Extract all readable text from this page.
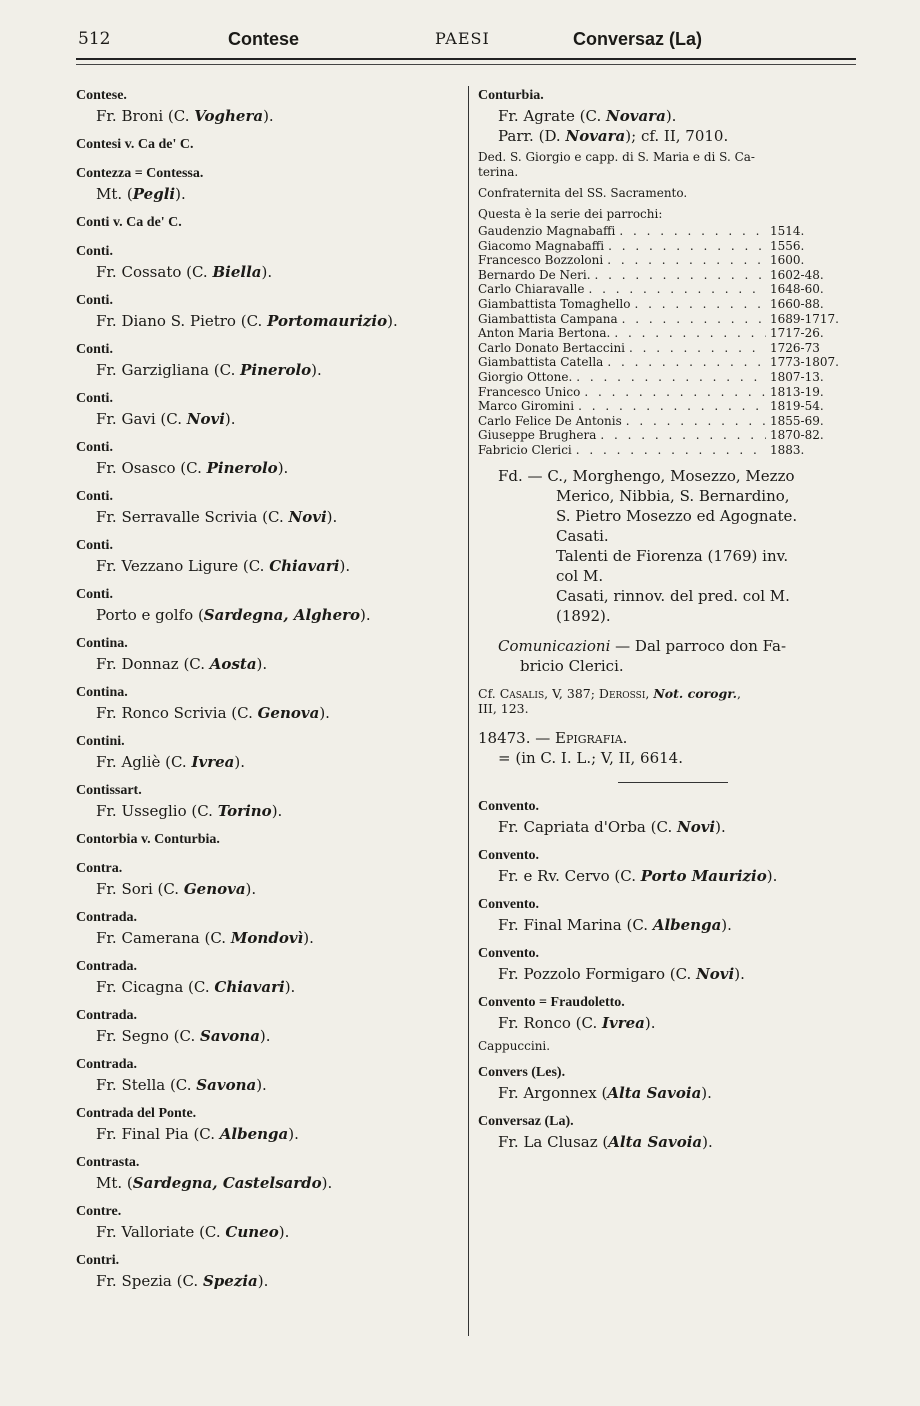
512	Contese	PAESI	Conversaz (La)
Contese.
Fr. Broni (C. Voghera).
Contesi v. Ca de' C.
Contezza = Contessa.
Mt. (Pegli).
Conti v. Ca de' C.
Conti.
Fr. Cossato (C. Biella).
Conti.
Fr. Diano S. Pietro (C. Portomaurizio).
Conti.
Fr. Garzigliana (C. Pinerolo).
Conti.
Fr. Gavi (C. Novi).
Conti.
Fr. Osasco (C. Pinerolo).
Conti.
Fr. Serravalle Scrivia (C. Novi).
Conti.
Fr. Vezzano Ligure (C. Chiavari).
Conti.
Porto e golfo (Sardegna, Alghero).
Contina.
Fr. Donnaz (C. Aosta).
Contina.
Fr. Ronco Scrivia (C. Genova).
Contini.
Fr. Agliè (C. Ivrea).
Contissart.
Fr. Usseglio (C. Torino).
Contorbia v. Conturbia.
Contra.
Fr. Sori (C. Genova).
Contrada.
Fr. Camerana (C. Mondovì).
Contrada.
Fr. Cicagna (C. Chiavari).
Contrada.
Fr. Segno (C. Savona).
Contrada.
Fr. Stella (C. Savona).
Contrada del Ponte.
Fr. Final Pia (C. Albenga).
Contrasta.
Mt. (Sardegna, Castelsardo).
Contre.
Fr. Valloriate (C. Cuneo).
Contri.
Fr. Spezia (C. Spezia).
Conturbia.
Fr. Agrate (C. Novara).
Parr. (D. Novara); cf. II, 7010.
Ded. S. Giorgio e capp. di S. Maria e di S. Ca-
terina.
Confraternita del SS. Sacramento.
Questa è la serie dei parrochi:
Gaudenzio Magnabaffi . . .	1514.
Giacomo Magnabaffi . . .	1556.
Francesco Bozzoloni . . .	1600.
Bernardo De Neri. . . .	1602-48.
Carlo Chiaravalle . . .	1648-60.
Giambattista Tomaghello . . .	1660-88.
Giambattista Campana . . .	1689-1717.
Anton Maria Bertona. . . .	1717-26.
Carlo Donato Bertaccini . . .	1726-73
Giambattista Catella . . .	1773-1807.
Giorgio Ottone. . . .	1807-13.
Francesco Unico . . .	1813-19.
Marco Giromini . . .	1819-54.
Carlo Felice De Antonis . . .	1855-69.
Giuseppe Brughera . . .	1870-82.
Fabricio Clerici . . .	1883.
Fd. — C., Morghengo, Mosezzo, Mezzo
Merico, Nibbia, S. Bernardino,
S. Pietro Mosezzo ed Agognate.
Casati.
Talenti de Fiorenza (1769) inv.
col M.
Casati, rinnov. del pred. col M.
(1892).
Comunicazioni — Dal parroco don Fa-
bricio Clerici.
Cf. Casalis, V, 387; Derossi, Not. corogr.,
III, 123.
18473. — Epigrafia.
= (in C. I. L.; V, II, 6614.
Convento.
Fr. Capriata d'Orba (C. Novi).
Convento.
Fr. e Rv. Cervo (C. Porto Maurizio).
Convento.
Fr. Final Marina (C. Albenga).
Convento.
Fr. Pozzolo Formigaro (C. Novi).
Convento = Fraudoletto.
Fr. Ronco (C. Ivrea).
Cappuccini.
Convers (Les).
Fr. Argonnex (Alta Savoia).
Conversaz (La).
Fr. La Clusaz (Alta Savoia).
